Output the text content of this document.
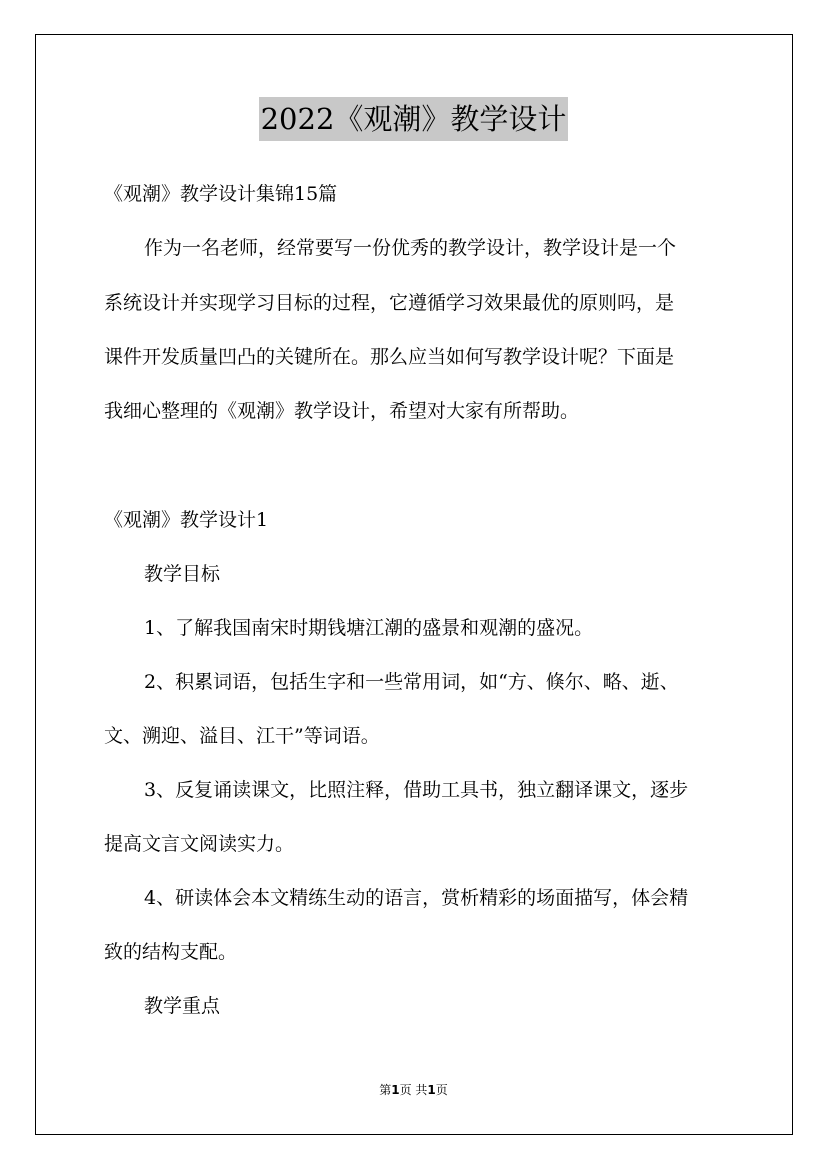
2022《观潮》教学设计
《观潮》教学设计集锦15篇
作为一名老师，经常要写一份优秀的教学设计，教学设计是一个
系统设计并实现学习目标的过程，它遵循学习效果最优的原则吗，是
课件开发质量凹凸的关键所在。那么应当如何写教学设计呢？下面是
我细心整理的《观潮》教学设计，希望对大家有所帮助。
《观潮》教学设计1
教学目标
1、了解我国南宋时期钱塘江潮的盛景和观潮的盛况。
2、积累词语，包括生字和一些常用词，如“方、倏尔、略、逝、
文、溯迎、溢目、江干”等词语。
3、反复诵读课文，比照注释，借助工具书，独立翻译课文，逐步
提高文言文阅读实力。
4、研读体会本文精练生动的语言，赏析精彩的场面描写，体会精
致的结构支配。
教学重点
第1页 共1页
